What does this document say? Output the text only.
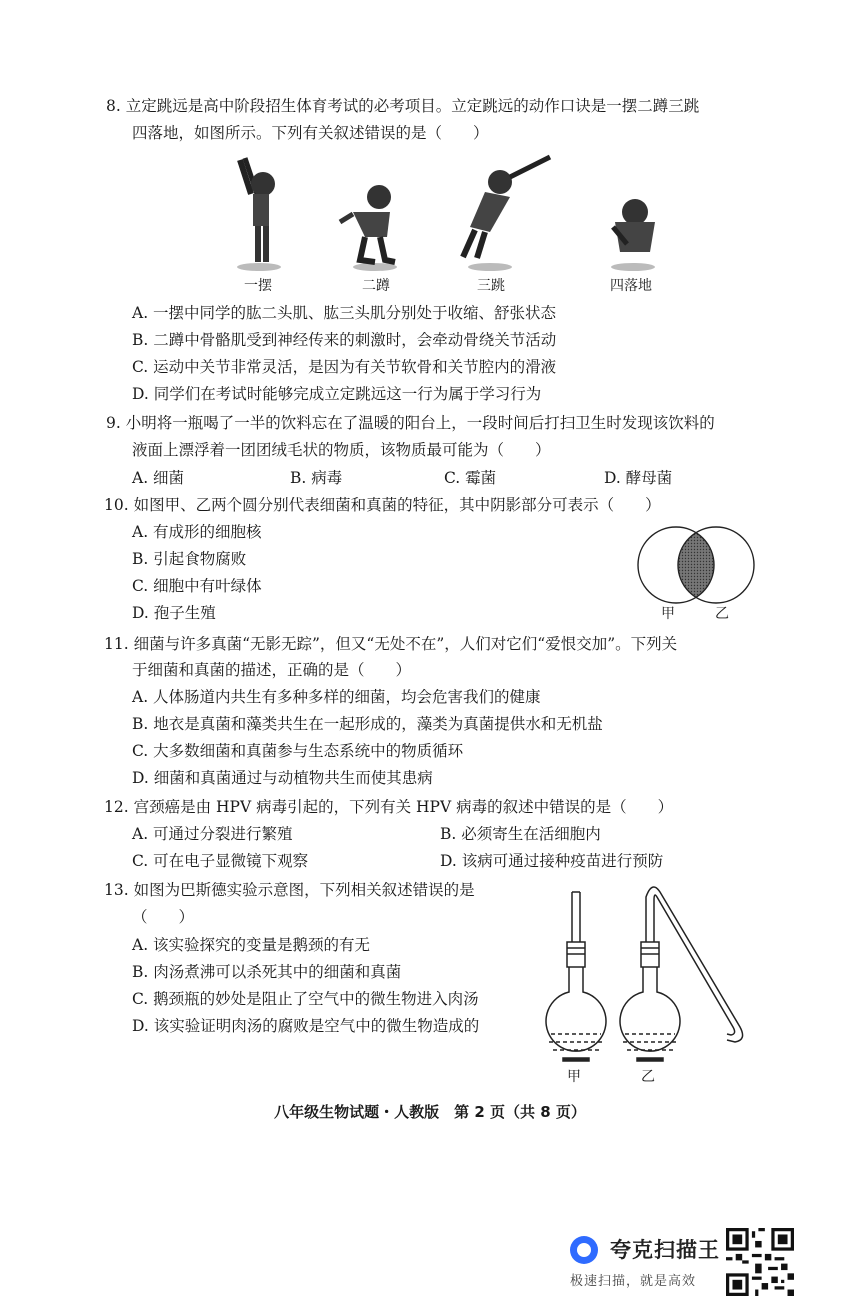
8. 立定跳远是高中阶段招生体育考试的必考项目。立定跳远的动作口诀是一摆二蹲三跳
四落地，如图所示。下列有关叙述错误的是（　　）
一摆	二蹲	三跳	四落地
A. 一摆中同学的肱二头肌、肱三头肌分别处于收缩、舒张状态
B. 二蹲中骨骼肌受到神经传来的刺激时，会牵动骨绕关节活动
C. 运动中关节非常灵活，是因为有关节软骨和关节腔内的滑液
D. 同学们在考试时能够完成立定跳远这一行为属于学习行为
9. 小明将一瓶喝了一半的饮料忘在了温暖的阳台上，一段时间后打扫卫生时发现该饮料的
液面上漂浮着一团团绒毛状的物质，该物质最可能为（　　）
A. 细菌	B. 病毒	C. 霉菌	D. 酵母菌
10. 如图甲、乙两个圆分别代表细菌和真菌的特征，其中阴影部分可表示（　　）
A. 有成形的细胞核
B. 引起食物腐败
C. 细胞中有叶绿体
D. 孢子生殖	甲	乙
11. 细菌与许多真菌“无影无踪”，但又“无处不在”，人们对它们“爱恨交加”。下列关
于细菌和真菌的描述，正确的是（　　）
A. 人体肠道内共生有多种多样的细菌，均会危害我们的健康
B. 地衣是真菌和藻类共生在一起形成的，藻类为真菌提供水和无机盐
C. 大多数细菌和真菌参与生态系统中的物质循环
D. 细菌和真菌通过与动植物共生而使其患病
12. 宫颈癌是由 HPV 病毒引起的，下列有关 HPV 病毒的叙述中错误的是（　　）
A. 可通过分裂进行繁殖	B. 必须寄生在活细胞内
C. 可在电子显微镜下观察	D. 该病可通过接种疫苗进行预防
13. 如图为巴斯德实验示意图，下列相关叙述错误的是
（　　）
A. 该实验探究的变量是鹅颈的有无
B. 肉汤煮沸可以杀死其中的细菌和真菌
C. 鹅颈瓶的妙处是阻止了空气中的微生物进入肉汤
D. 该实验证明肉汤的腐败是空气中的微生物造成的
甲	乙
八年级生物试题・人教版　第 2 页（共 8 页）
夸克扫描王
极速扫描，就是高效
